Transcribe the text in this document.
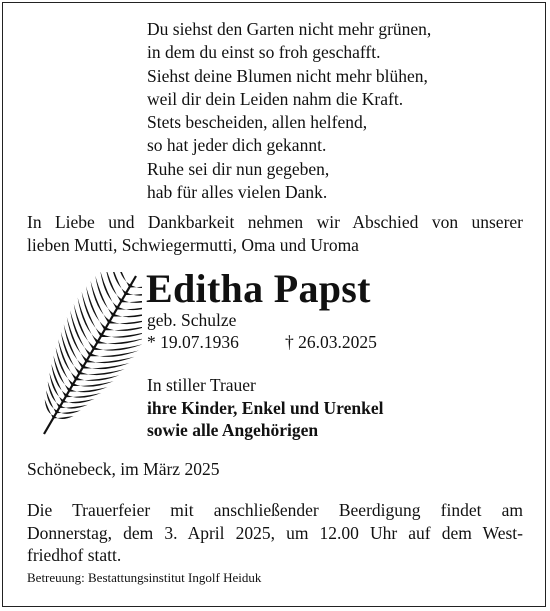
Du siehst den Garten nicht mehr grünen,
in dem du einst so froh geschafft.
Siehst deine Blumen nicht mehr blühen,
weil dir dein Leiden nahm die Kraft.
Stets bescheiden, allen helfend,
so hat jeder dich gekannt.
Ruhe sei dir nun gegeben,
hab für alles vielen Dank.
In Liebe und Dankbarkeit nehmen wir Abschied von unserer
lieben Mutti, Schwiegermutti, Oma und Uroma
Editha Papst
geb. Schulze
* 19.07.1936	† 26.03.2025
In stiller Trauer
ihre Kinder, Enkel und Urenkel
sowie alle Angehörigen
Schönebeck, im März 2025
Die Trauerfeier mit anschließender Beerdigung findet am
Donnerstag, dem 3. April 2025, um 12.00 Uhr auf dem West-
friedhof statt.
Betreuung: Bestattungsinstitut Ingolf Heiduk
